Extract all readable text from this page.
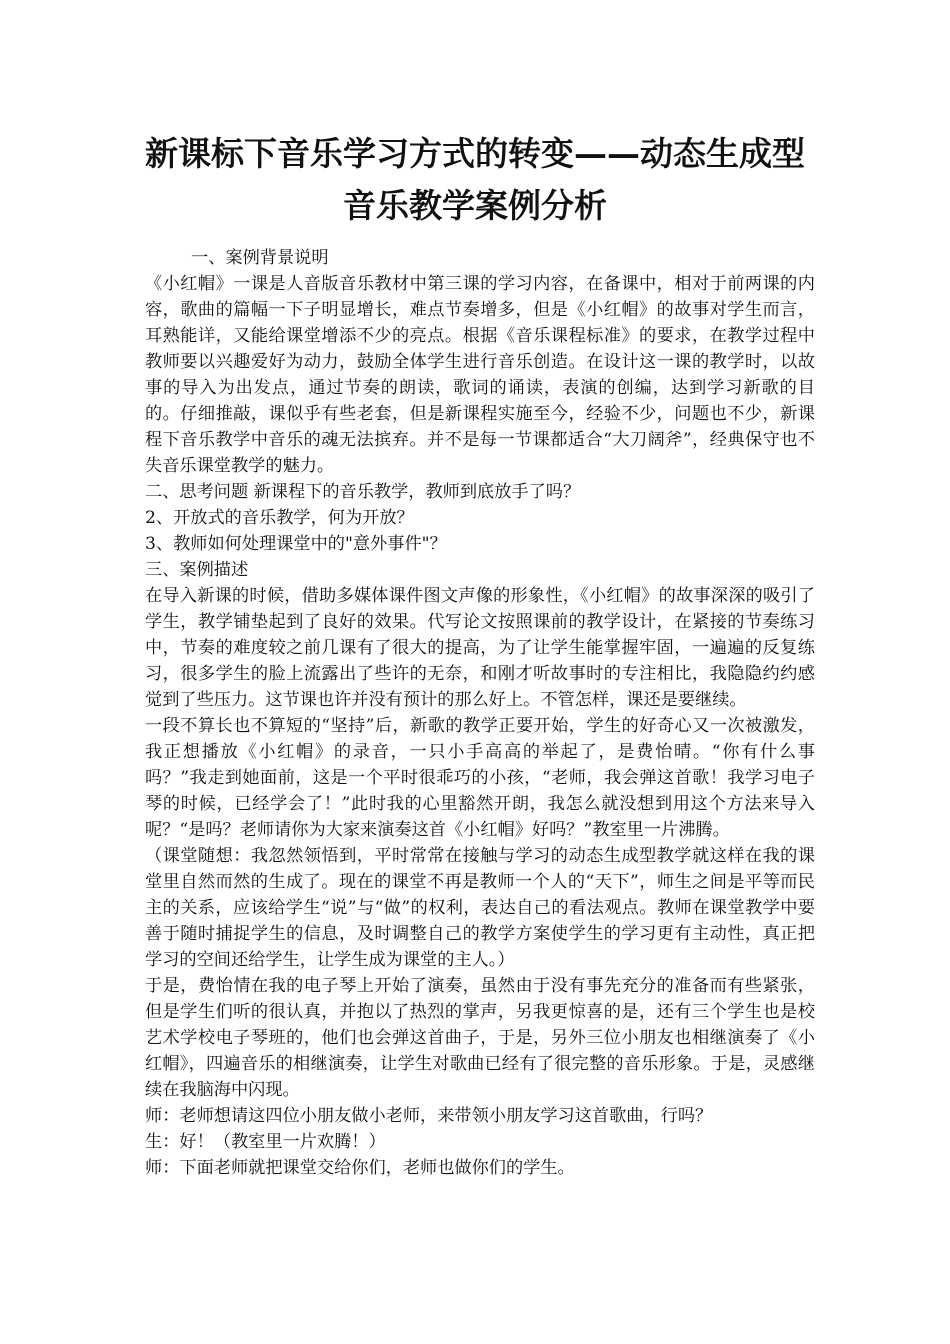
新课标下音乐学习方式的转变——动态生成型
音乐教学案例分析

一、案例背景说明

《小红帽》一课是人音版音乐教材中第三课的学习内容，在备课中，相对于前两课的内容，歌曲的篇幅一下子明显增长，难点节奏增多，但是《小红帽》的故事对学生而言，耳熟能详，又能给课堂增添不少的亮点。根据《音乐课程标准》的要求，在教学过程中教师要以兴趣爱好为动力，鼓励全体学生进行音乐创造。在设计这一课的教学时，以故事的导入为出发点，通过节奏的朗读，歌词的诵读，表演的创编，达到学习新歌的目的。仔细推敲，课似乎有些老套，但是新课程实施至今，经验不少，问题也不少，新课程下音乐教学中音乐的魂无法摈弃。并不是每一节课都适合“大刀阔斧”，经典保守也不失音乐课堂教学的魅力。

二、思考问题 新课程下的音乐教学，教师到底放手了吗？

2、开放式的音乐教学，何为开放？

3、教师如何处理课堂中的"意外事件"？

三、案例描述

在导入新课的时候，借助多媒体课件图文声像的形象性，《小红帽》的故事深深的吸引了学生，教学铺垫起到了良好的效果。代写论文按照课前的教学设计，在紧接的节奏练习中，节奏的难度较之前几课有了很大的提高，为了让学生能掌握牢固，一遍遍的反复练习，很多学生的脸上流露出了些许的无奈，和刚才听故事时的专注相比，我隐隐约约感觉到了些压力。这节课也许并没有预计的那么好上。不管怎样，课还是要继续。

一段不算长也不算短的“坚持”后，新歌的教学正要开始，学生的好奇心又一次被激发，我正想播放《小红帽》的录音，一只小手高高的举起了，是费怡晴。“你有什么事吗？”我走到她面前，这是一个平时很乖巧的小孩，“老师，我会弹这首歌！我学习电子琴的时候，已经学会了！”此时我的心里豁然开朗，我怎么就没想到用这个方法来导入呢？“是吗？老师请你为大家来演奏这首《小红帽》好吗？”教室里一片沸腾。

（课堂随想：我忽然领悟到，平时常常在接触与学习的动态生成型教学就这样在我的课堂里自然而然的生成了。现在的课堂不再是教师一个人的“天下”，师生之间是平等而民主的关系，应该给学生“说”与“做”的权利，表达自己的看法观点。教师在课堂教学中要善于随时捕捉学生的信息，及时调整自己的教学方案使学生的学习更有主动性，真正把学习的空间还给学生，让学生成为课堂的主人。）

于是，费怡情在我的电子琴上开始了演奏，虽然由于没有事先充分的准备而有些紧张，但是学生们听的很认真，并抱以了热烈的掌声，另我更惊喜的是，还有三个学生也是校艺术学校电子琴班的，他们也会弹这首曲子，于是，另外三位小朋友也相继演奏了《小红帽》，四遍音乐的相继演奏，让学生对歌曲已经有了很完整的音乐形象。于是，灵感继续在我脑海中闪现。

师：老师想请这四位小朋友做小老师，来带领小朋友学习这首歌曲，行吗？

生：好！（教室里一片欢腾！）

师：下面老师就把课堂交给你们，老师也做你们的学生。
